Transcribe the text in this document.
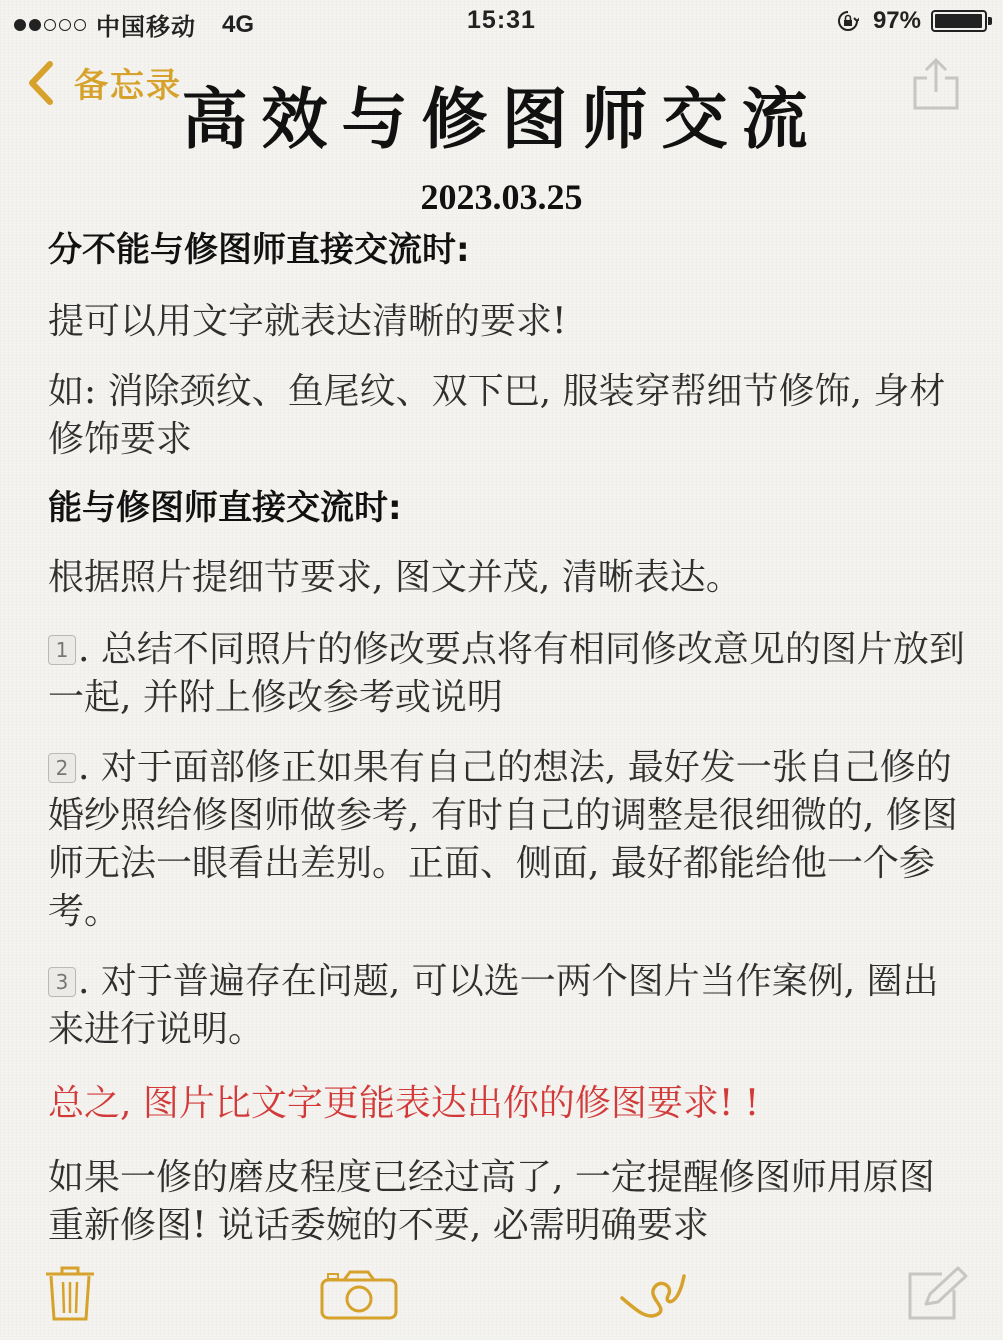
中国移动 4G	15:31	97%
备忘录 高效与修图师交流
2023.03.25
分不能与修图师直接交流时:
提可以用文字就表达清晰的要求!
如: 消除颈纹、鱼尾纹、双下巴, 服装穿帮细节修饰, 身材修饰要求
能与修图师直接交流时:
根据照片提细节要求, 图文并茂, 清晰表达。
1 . 总结不同照片的修改要点将有相同修改意见的图片放到一起, 并附上修改参考或说明
2 . 对于面部修正如果有自己的想法, 最好发一张自己修的婚纱照给修图师做参考, 有时自己的调整是很细微的, 修图师无法一眼看出差别。正面、侧面, 最好都能给他一个参考。
3 . 对于普遍存在问题, 可以选一两个图片当作案例, 圈出来进行说明。
总之, 图片比文字更能表达出你的修图要求! !
如果一修的磨皮程度已经过高了, 一定提醒修图师用原图重新修图! 说话委婉的不要, 必需明确要求
